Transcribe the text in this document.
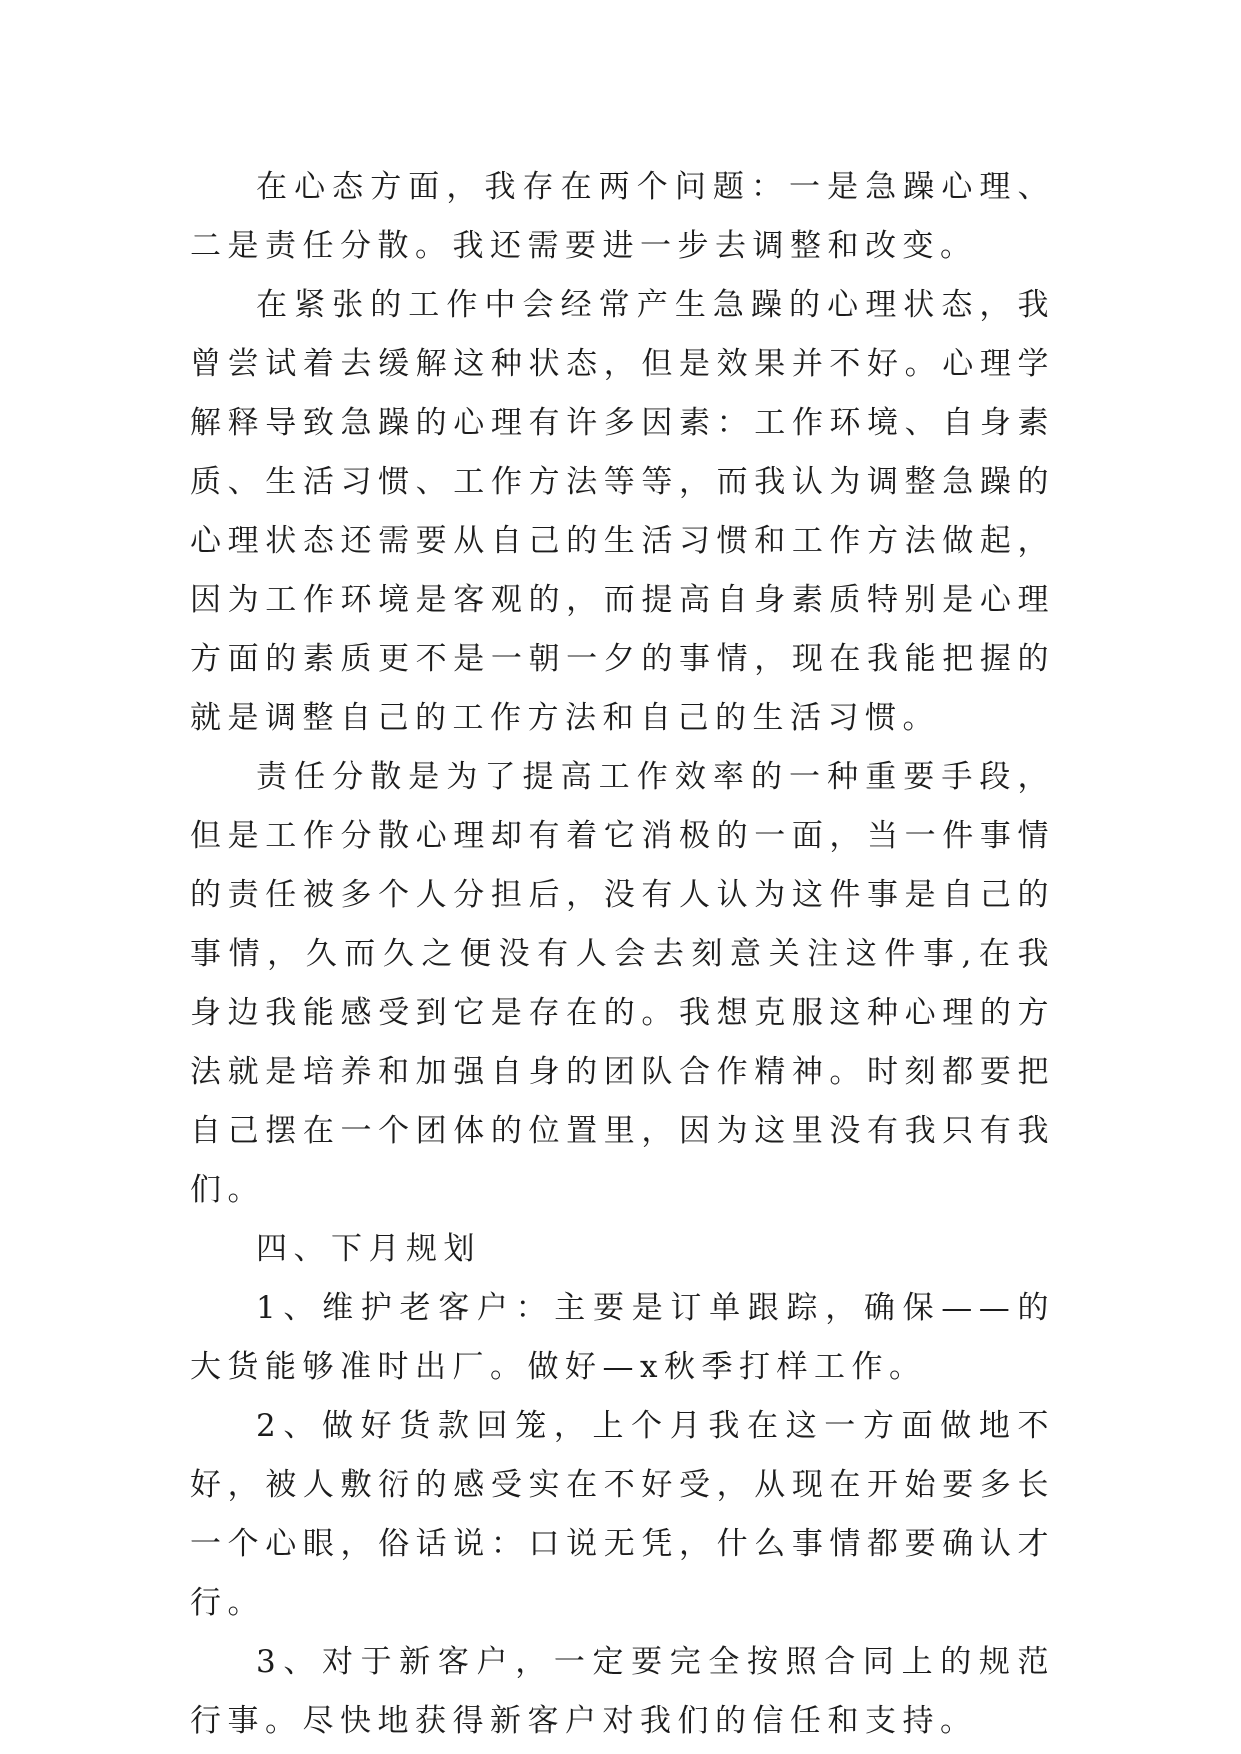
在心态方面，我存在两个问题：一是急躁心理、二是责任分散。我还需要进一步去调整和改变。

在紧张的工作中会经常产生急躁的心理状态，我曾尝试着去缓解这种状态，但是效果并不好。心理学解释导致急躁的心理有许多因素：工作环境、自身素质、生活习惯、工作方法等等，而我认为调整急躁的心理状态还需要从自己的生活习惯和工作方法做起，因为工作环境是客观的，而提高自身素质特别是心理方面的素质更不是一朝一夕的事情，现在我能把握的就是调整自己的工作方法和自己的生活习惯。

责任分散是为了提高工作效率的一种重要手段，但是工作分散心理却有着它消极的一面，当一件事情的责任被多个人分担后，没有人认为这件事是自己的事情，久而久之便没有人会去刻意关注这件事,在我身边我能感受到它是存在的。我想克服这种心理的方法就是培养和加强自身的团队合作精神。时刻都要把自己摆在一个团体的位置里，因为这里没有我只有我们。

四、下月规划

1、维护老客户：主要是订单跟踪，确保——的大货能够准时出厂。做好—x秋季打样工作。

2、做好货款回笼，上个月我在这一方面做地不好，被人敷衍的感受实在不好受，从现在开始要多长一个心眼，俗话说：口说无凭，什么事情都要确认才行。

3、对于新客户，一定要完全按照合同上的规范行事。尽快地获得新客户对我们的信任和支持。
